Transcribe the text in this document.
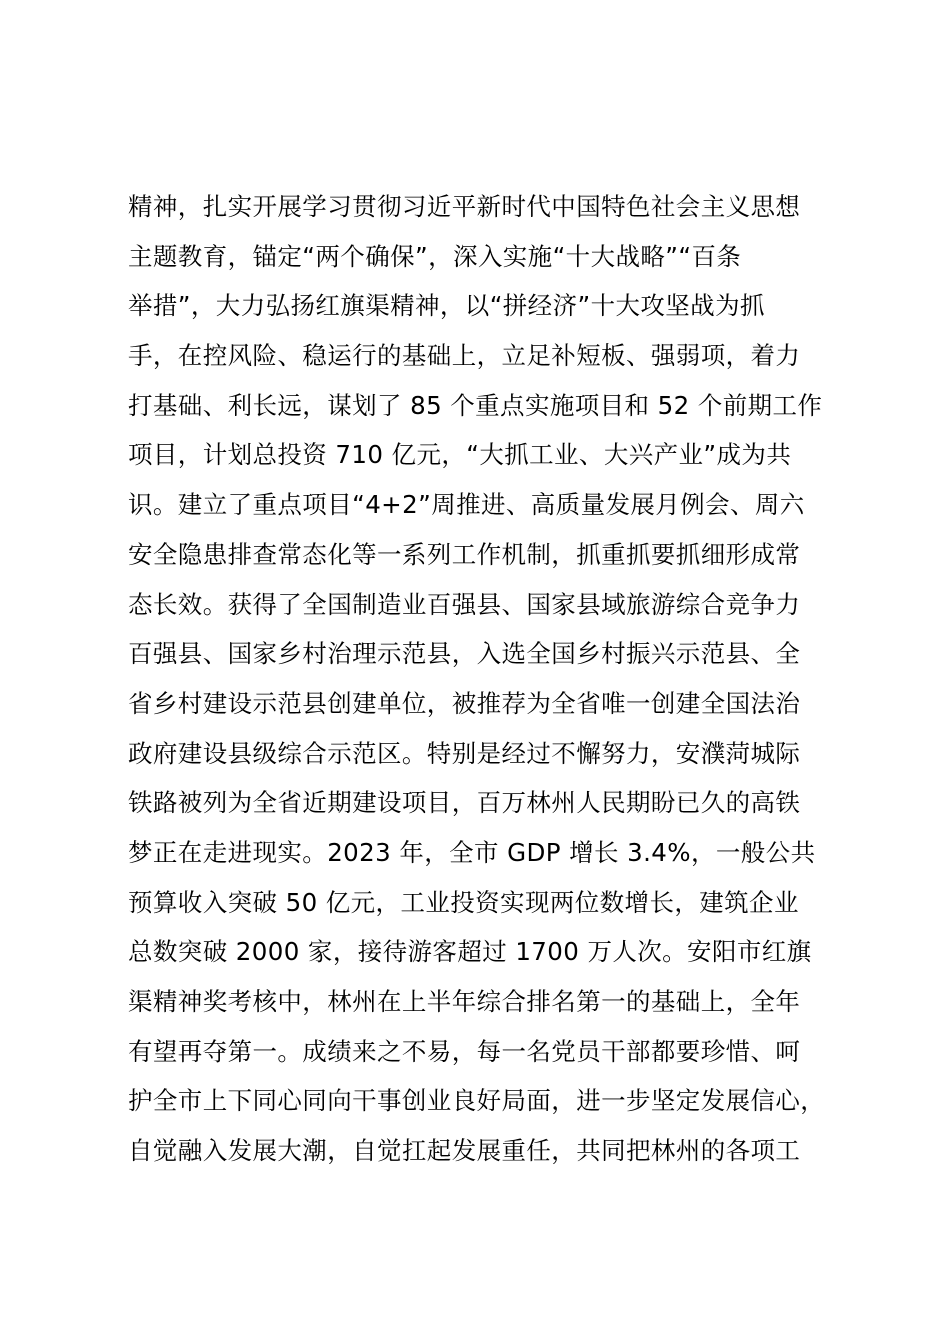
精神，扎实开展学习贯彻习近平新时代中国特色社会主义思想
主题教育，锚定“两个确保”，深入实施“十大战略”“百条
举措”，大力弘扬红旗渠精神，以“拼经济”十大攻坚战为抓
手，在控风险、稳运行的基础上，立足补短板、强弱项，着力
打基础、利长远，谋划了 85 个重点实施项目和 52 个前期工作
项目，计划总投资 710 亿元，“大抓工业、大兴产业”成为共
识。建立了重点项目“4+2”周推进、高质量发展月例会、周六
安全隐患排查常态化等一系列工作机制，抓重抓要抓细形成常
态长效。获得了全国制造业百强县、国家县域旅游综合竞争力
百强县、国家乡村治理示范县，入选全国乡村振兴示范县、全
省乡村建设示范县创建单位，被推荐为全省唯一创建全国法治
政府建设县级综合示范区。特别是经过不懈努力，安濮菏城际
铁路被列为全省近期建设项目，百万林州人民期盼已久的高铁
梦正在走进现实。2023 年，全市 GDP 增长 3.4%，一般公共
预算收入突破 50 亿元，工业投资实现两位数增长，建筑企业
总数突破 2000 家，接待游客超过 1700 万人次。安阳市红旗
渠精神奖考核中，林州在上半年综合排名第一的基础上，全年
有望再夺第一。成绩来之不易，每一名党员干部都要珍惜、呵
护全市上下同心同向干事创业良好局面，进一步坚定发展信心，
自觉融入发展大潮，自觉扛起发展重任，共同把林州的各项工
